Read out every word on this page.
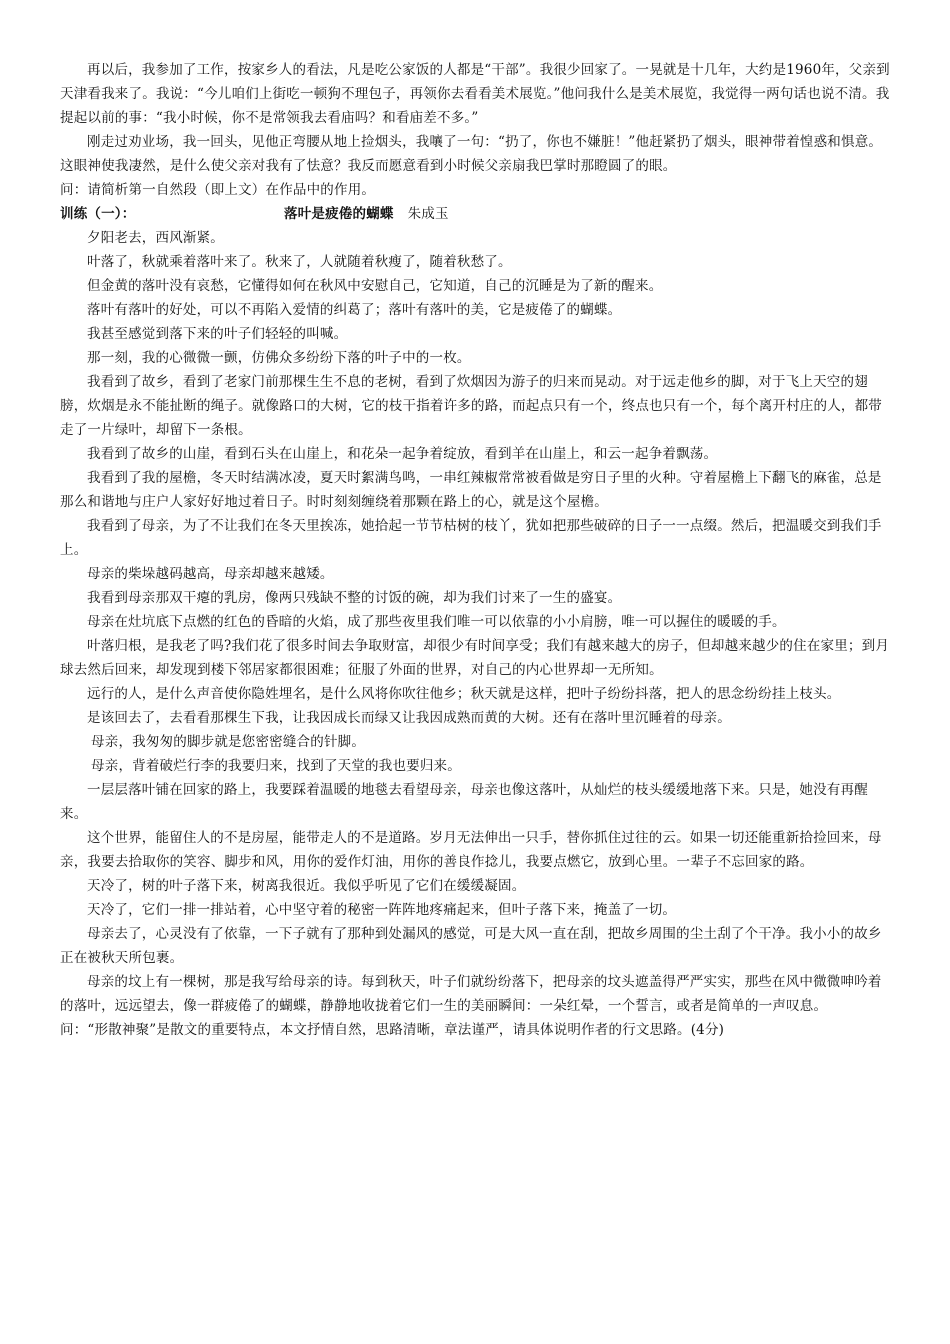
再以后，我参加了工作，按家乡人的看法，凡是吃公家饭的人都是“干部”。我很少回家了。一晃就是十几年，大约是1960年，父亲到天津看我来了。我说：“今儿咱们上街吃一顿狗不理包子，再领你去看看美术展览。”他问我什么是美术展览，我觉得一两句话也说不清。我提起以前的事：“我小时候，你不是常领我去看庙吗？和看庙差不多。”

刚走过劝业场，我一回头，见他正弯腰从地上捡烟头，我嚷了一句：“扔了，你也不嫌脏！”他赶紧扔了烟头，眼神带着惶惑和惧意。这眼神使我凄然，是什么使父亲对我有了怯意？我反而愿意看到小时候父亲扇我巴掌时那瞪圆了的眼。

问：请简析第一自然段（即上文）在作品中的作用。

训练（一）：	落叶是疲倦的蝴蝶 朱成玉

夕阳老去，西风渐紧。

叶落了，秋就乘着落叶来了。秋来了，人就随着秋瘦了，随着秋愁了。

但金黄的落叶没有哀愁，它懂得如何在秋风中安慰自己，它知道，自己的沉睡是为了新的醒来。

落叶有落叶的好处，可以不再陷入爱情的纠葛了；落叶有落叶的美，它是疲倦了的蝴蝶。

我甚至感觉到落下来的叶子们轻轻的叫喊。

那一刻，我的心微微一颤，仿佛众多纷纷下落的叶子中的一枚。

我看到了故乡，看到了老家门前那棵生生不息的老树，看到了炊烟因为游子的归来而晃动。对于远走他乡的脚，对于飞上天空的翅膀，炊烟是永不能扯断的绳子。就像路口的大树，它的枝干指着许多的路，而起点只有一个，终点也只有一个，每个离开村庄的人，都带走了一片绿叶，却留下一条根。

我看到了故乡的山崖，看到石头在山崖上，和花朵一起争着绽放，看到羊在山崖上，和云一起争着飘荡。

我看到了我的屋檐，冬天时结满冰凌，夏天时絮满鸟鸣，一串红辣椒常常被看做是穷日子里的火种。守着屋檐上下翻飞的麻雀，总是那么和谐地与庄户人家好好地过着日子。时时刻刻缠绕着那颗在路上的心，就是这个屋檐。

我看到了母亲，为了不让我们在冬天里挨冻，她拾起一节节枯树的枝丫，犹如把那些破碎的日子一一点缀。然后，把温暖交到我们手上。

母亲的柴垛越码越高，母亲却越来越矮。

我看到母亲那双干瘪的乳房，像两只残缺不整的讨饭的碗，却为我们讨来了一生的盛宴。

母亲在灶坑底下点燃的红色的昏暗的火焰，成了那些夜里我们唯一可以依靠的小小肩膀，唯一可以握住的暖暖的手。

叶落归根，是我老了吗?我们花了很多时间去争取财富，却很少有时间享受；我们有越来越大的房子，但却越来越少的住在家里；到月球去然后回来，却发现到楼下邻居家都很困难；征服了外面的世界，对自己的内心世界却一无所知。

远行的人，是什么声音使你隐姓埋名，是什么风将你吹往他乡；秋天就是这样，把叶子纷纷抖落，把人的思念纷纷挂上枝头。

是该回去了，去看看那棵生下我，让我因成长而绿又让我因成熟而黄的大树。还有在落叶里沉睡着的母亲。

母亲，我匆匆的脚步就是您密密缝合的针脚。

母亲，背着破烂行李的我要归来，找到了天堂的我也要归来。

一层层落叶铺在回家的路上，我要踩着温暖的地毯去看望母亲，母亲也像这落叶，从灿烂的枝头缓缓地落下来。只是，她没有再醒来。

这个世界，能留住人的不是房屋，能带走人的不是道路。岁月无法伸出一只手，替你抓住过往的云。如果一切还能重新拾捡回来，母亲，我要去拾取你的笑容、脚步和风，用你的爱作灯油，用你的善良作捻儿，我要点燃它，放到心里。一辈子不忘回家的路。

天冷了，树的叶子落下来，树离我很近。我似乎听见了它们在缓缓凝固。

天冷了，它们一排一排站着，心中坚守着的秘密一阵阵地疼痛起来，但叶子落下来，掩盖了一切。

母亲去了，心灵没有了依靠，一下子就有了那种到处漏风的感觉，可是大风一直在刮，把故乡周围的尘土刮了个干净。我小小的故乡正在被秋天所包裹。

母亲的坟上有一棵树，那是我写给母亲的诗。每到秋天，叶子们就纷纷落下，把母亲的坟头遮盖得严严实实，那些在风中微微呻吟着的落叶，远远望去，像一群疲倦了的蝴蝶，静静地收拢着它们一生的美丽瞬间：一朵红晕，一个誓言，或者是简单的一声叹息。

问：“形散神聚”是散文的重要特点，本文抒情自然，思路清晰，章法谨严，请具体说明作者的行文思路。(4分)
